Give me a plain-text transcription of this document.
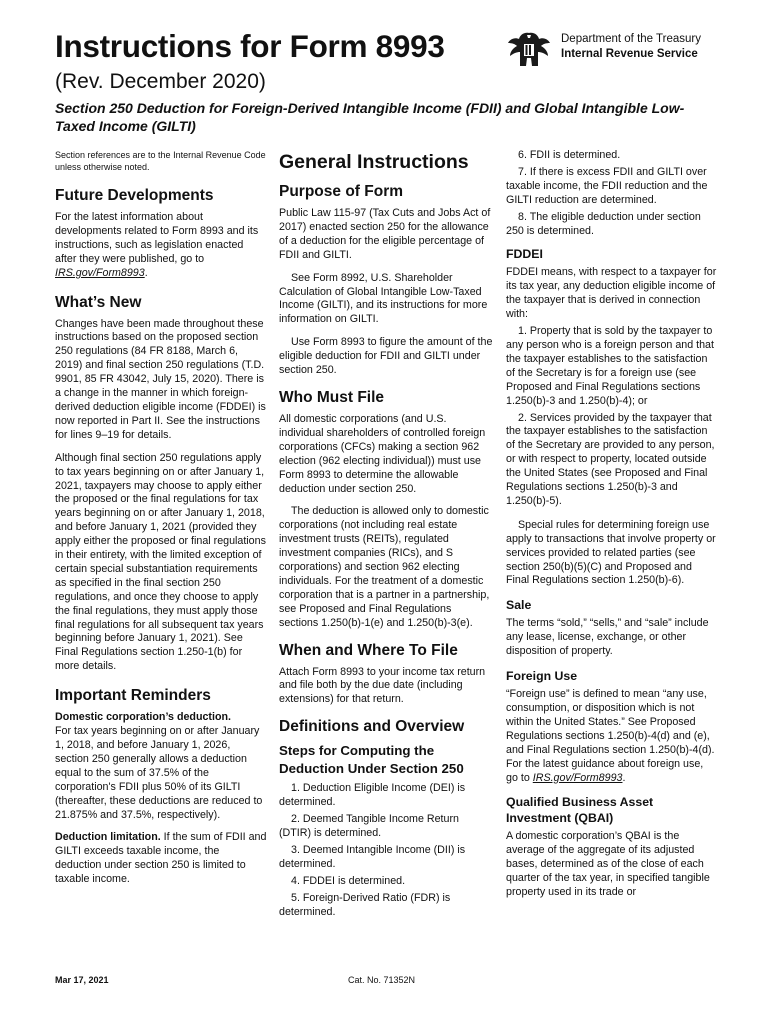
Instructions for Form 8993
(Rev. December 2020)
Section 250 Deduction for Foreign-Derived Intangible Income (FDII) and Global Intangible Low-Taxed Income (GILTI)
Department of the Treasury
Internal Revenue Service

Section references are to the Internal Revenue Code unless otherwise noted.

Future Developments

For the latest information about developments related to Form 8993 and its instructions, such as legislation enacted after they were published, go to IRS.gov/Form8993.

What’s New

Changes have been made throughout these instructions based on the proposed section 250 regulations (84 FR 8188, March 6, 2019) and final section 250 regulations (T.D. 9901, 85 FR 43042, July 15, 2020). There is a change in the manner in which foreign-derived deduction eligible income (FDDEI) is now reported in Part II. See the instructions for lines 9–19 for details.

Although final section 250 regulations apply to tax years beginning on or after January 1, 2021, taxpayers may choose to apply either the proposed or the final regulations for tax years beginning on or after January 1, 2018, and before January 1, 2021 (provided they apply either the proposed or final regulations in their entirety, with the limited exception of certain special substantiation requirements as specified in the final section 250 regulations, and once they choose to apply the final regulations, they must apply those final regulations for all subsequent tax years beginning before January 1, 2021). See Final Regulations section 1.250-1(b) for more details.

Important Reminders
Domestic corporation’s deduction.

For tax years beginning on or after January 1, 2018, and before January 1, 2026, section 250 generally allows a deduction equal to the sum of 37.5% of the corporation's FDII plus 50% of its GILTI (thereafter, these deductions are reduced to 21.875% and 37.5%, respectively).

Deduction limitation. If the sum of FDII and GILTI exceeds taxable income, the deduction under section 250 is limited to taxable income.

General Instructions
Purpose of Form

Public Law 115-97 (Tax Cuts and Jobs Act of 2017) enacted section 250 for the allowance of a deduction for the eligible percentage of FDII and GILTI.

See Form 8992, U.S. Shareholder Calculation of Global Intangible Low-Taxed Income (GILTI), and its instructions for more information on GILTI.

Use Form 8993 to figure the amount of the eligible deduction for FDII and GILTI under section 250.

Who Must File

All domestic corporations (and U.S. individual shareholders of controlled foreign corporations (CFCs) making a section 962 election (962 electing individual)) must use Form 8993 to determine the allowable deduction under section 250.

The deduction is allowed only to domestic corporations (not including real estate investment trusts (REITs), regulated investment companies (RICs), and S corporations) and section 962 electing individuals. For the treatment of a domestic corporation that is a partner in a partnership, see Proposed and Final Regulations sections 1.250(b)-1(e) and 1.250(b)-3(e).

When and Where To File

Attach Form 8993 to your income tax return and file both by the due date (including extensions) for that return.

Definitions and Overview
Steps for Computing the Deduction Under Section 250
1. Deduction Eligible Income (DEI) is determined.
2. Deemed Tangible Income Return (DTIR) is determined.
3. Deemed Intangible Income (DII) is determined.
4. FDDEI is determined.
5. Foreign-Derived Ratio (FDR) is determined.
6. FDII is determined.
7. If there is excess FDII and GILTI over taxable income, the FDII reduction and the GILTI reduction are determined.
8. The eligible deduction under section 250 is determined.
FDDEI

FDDEI means, with respect to a taxpayer for its tax year, any deduction eligible income of the taxpayer that is derived in connection with:

1. Property that is sold by the taxpayer to any person who is a foreign person and that the taxpayer establishes to the satisfaction of the Secretary is for a foreign use (see Proposed and Final Regulations sections 1.250(b)-3 and 1.250(b)-4); or
2. Services provided by the taxpayer that the taxpayer establishes to the satisfaction of the Secretary are provided to any person, or with respect to property, located outside the United States (see Proposed and Final Regulations sections 1.250(b)-3 and 1.250(b)-5).

Special rules for determining foreign use apply to transactions that involve property or services provided to related parties (see section 250(b)(5)(C) and Proposed and Final Regulations section 1.250(b)-6).

Sale

The terms “sold,” “sells,” and “sale” include any lease, license, exchange, or other disposition of property.

Foreign Use

“Foreign use” is defined to mean “any use, consumption, or disposition which is not within the United States.” See Proposed Regulations sections 1.250(b)-4(d) and (e), and Final Regulations section 1.250(b)-4(d). For the latest guidance about foreign use, go to IRS.gov/Form8993.

Qualified Business Asset Investment (QBAI)

A domestic corporation’s QBAI is the average of the aggregate of its adjusted bases, determined as of the close of each quarter of the tax year, in specified tangible property used in its trade or

Mar 17, 2021	Cat. No. 71352N
